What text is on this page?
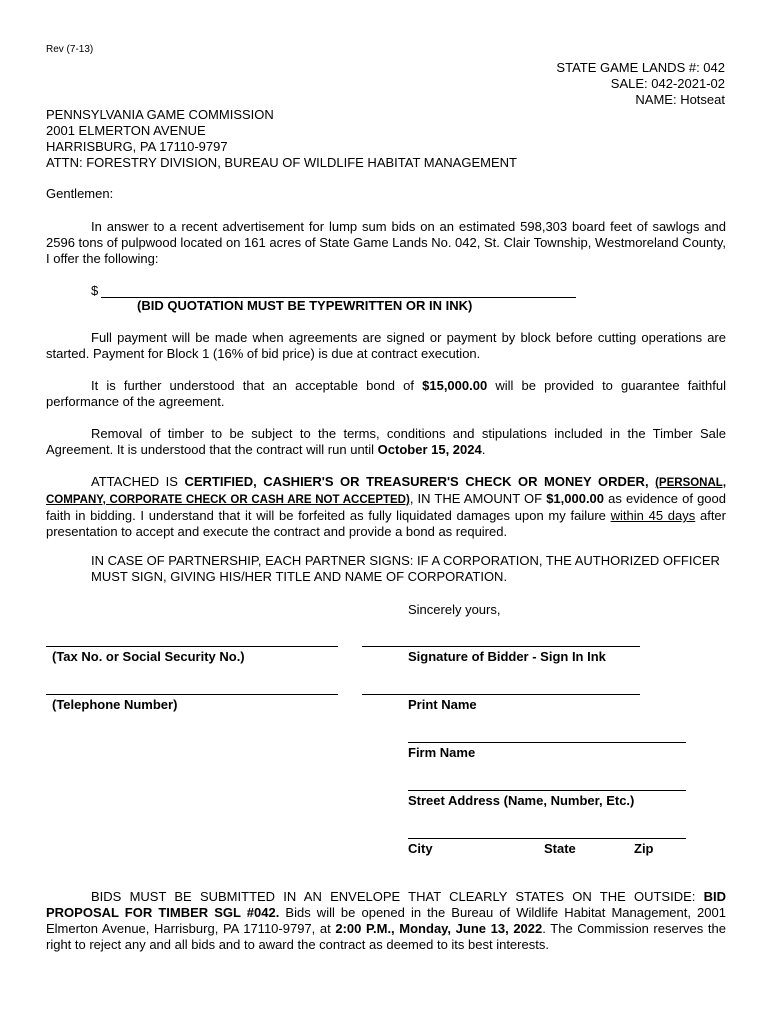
Rev (7-13)
STATE GAME LANDS #: 042
SALE: 042-2021-02
NAME: Hotseat
PENNSYLVANIA GAME COMMISSION
2001 ELMERTON AVENUE
HARRISBURG, PA 17110-9797
ATTN: FORESTRY DIVISION, BUREAU OF WILDLIFE HABITAT MANAGEMENT
Gentlemen:
In answer to a recent advertisement for lump sum bids on an estimated 598,303 board feet of sawlogs and 2596 tons of pulpwood located on 161 acres of State Game Lands No. 042, St. Clair Township, Westmoreland County, I offer the following:
$
(BID QUOTATION MUST BE TYPEWRITTEN OR IN INK)
Full payment will be made when agreements are signed or payment by block before cutting operations are started. Payment for Block 1 (16% of bid price) is due at contract execution.
It is further understood that an acceptable bond of $15,000.00 will be provided to guarantee faithful performance of the agreement.
Removal of timber to be subject to the terms, conditions and stipulations included in the Timber Sale Agreement. It is understood that the contract will run until October 15, 2024.
ATTACHED IS CERTIFIED, CASHIER'S OR TREASURER'S CHECK OR MONEY ORDER, (PERSONAL, COMPANY, CORPORATE CHECK OR CASH ARE NOT ACCEPTED), IN THE AMOUNT OF $1,000.00 as evidence of good faith in bidding. I understand that it will be forfeited as fully liquidated damages upon my failure within 45 days after presentation to accept and execute the contract and provide a bond as required.
IN CASE OF PARTNERSHIP, EACH PARTNER SIGNS: IF A CORPORATION, THE AUTHORIZED OFFICER MUST SIGN, GIVING HIS/HER TITLE AND NAME OF CORPORATION.
Sincerely yours,
(Tax No. or Social Security No.)	Signature of Bidder - Sign In Ink
(Telephone Number)	Print Name
Firm Name
Street Address (Name, Number, Etc.)
City	State	Zip
BIDS MUST BE SUBMITTED IN AN ENVELOPE THAT CLEARLY STATES ON THE OUTSIDE: BID PROPOSAL FOR TIMBER SGL #042. Bids will be opened in the Bureau of Wildlife Habitat Management, 2001 Elmerton Avenue, Harrisburg, PA 17110-9797, at 2:00 P.M., Monday, June 13, 2022. The Commission reserves the right to reject any and all bids and to award the contract as deemed to its best interests.
